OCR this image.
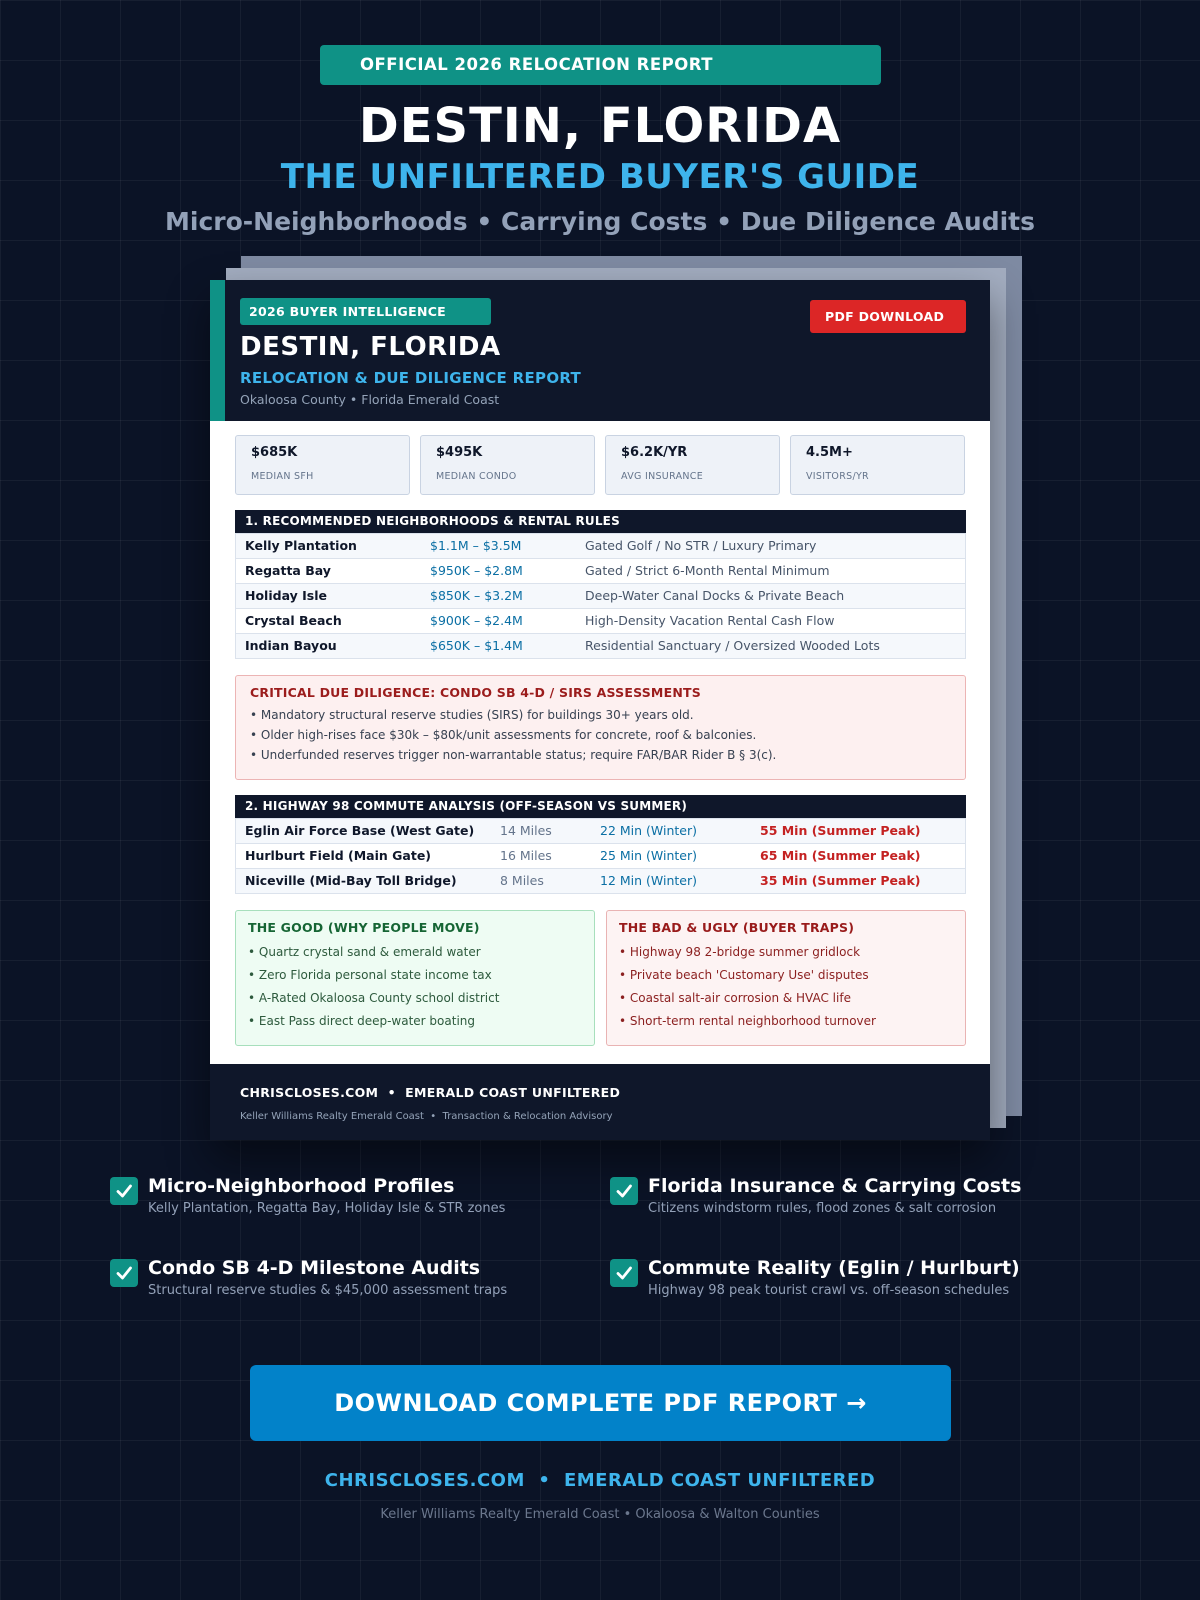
OFFICIAL 2026 RELOCATION REPORT
DESTIN, FLORIDA
THE UNFILTERED BUYER'S GUIDE
Micro-Neighborhoods • Carrying Costs • Due Diligence Audits
2026 BUYER INTELLIGENCE	PDF DOWNLOAD
DESTIN, FLORIDA
RELOCATION & DUE DILIGENCE REPORT
Okaloosa County • Florida Emerald Coast
$685K
MEDIAN SFH
$495K
MEDIAN CONDO
$6.2K/YR
AVG INSURANCE
4.5M+
VISITORS/YR
1. RECOMMENDED NEIGHBORHOODS & RENTAL RULES
Kelly Plantation	$1.1M – $3.5M	Gated Golf / No STR / Luxury Primary
Regatta Bay	$950K – $2.8M	Gated / Strict 6-Month Rental Minimum
Holiday Isle	$850K – $3.2M	Deep-Water Canal Docks & Private Beach
Crystal Beach	$900K – $2.4M	High-Density Vacation Rental Cash Flow
Indian Bayou	$650K – $1.4M	Residential Sanctuary / Oversized Wooded Lots
CRITICAL DUE DILIGENCE: CONDO SB 4-D / SIRS ASSESSMENTS
• Mandatory structural reserve studies (SIRS) for buildings 30+ years old.
• Older high-rises face $30k – $80k/unit assessments for concrete, roof & balconies.
• Underfunded reserves trigger non-warrantable status; require FAR/BAR Rider B § 3(c).
2. HIGHWAY 98 COMMUTE ANALYSIS (OFF-SEASON VS SUMMER)
Eglin Air Force Base (West Gate) 14 Miles	22 Min (Winter)	55 Min (Summer Peak)
Hurlburt Field (Main Gate)	16 Miles	25 Min (Winter)	65 Min (Summer Peak)
Niceville (Mid-Bay Toll Bridge)	8 Miles	12 Min (Winter)	35 Min (Summer Peak)
THE GOOD (WHY PEOPLE MOVE)
• Quartz crystal sand & emerald water
• Zero Florida personal state income tax
• A-Rated Okaloosa County school district
• East Pass direct deep-water boating
THE BAD & UGLY (BUYER TRAPS)
• Highway 98 2-bridge summer gridlock
• Private beach 'Customary Use' disputes
• Coastal salt-air corrosion & HVAC life
• Short-term rental neighborhood turnover
CHRISCLOSES.COM  •  EMERALD COAST UNFILTERED
Keller Williams Realty Emerald Coast  •  Transaction & Relocation Advisory
Micro-Neighborhood Profiles
Kelly Plantation, Regatta Bay, Holiday Isle & STR zones
Florida Insurance & Carrying Costs
Citizens windstorm rules, flood zones & salt corrosion
Condo SB 4-D Milestone Audits
Structural reserve studies & $45,000 assessment traps
Commute Reality (Eglin / Hurlburt)
Highway 98 peak tourist crawl vs. off-season schedules
DOWNLOAD COMPLETE PDF REPORT →
CHRISCLOSES.COM  •  EMERALD COAST UNFILTERED
Keller Williams Realty Emerald Coast • Okaloosa & Walton Counties
